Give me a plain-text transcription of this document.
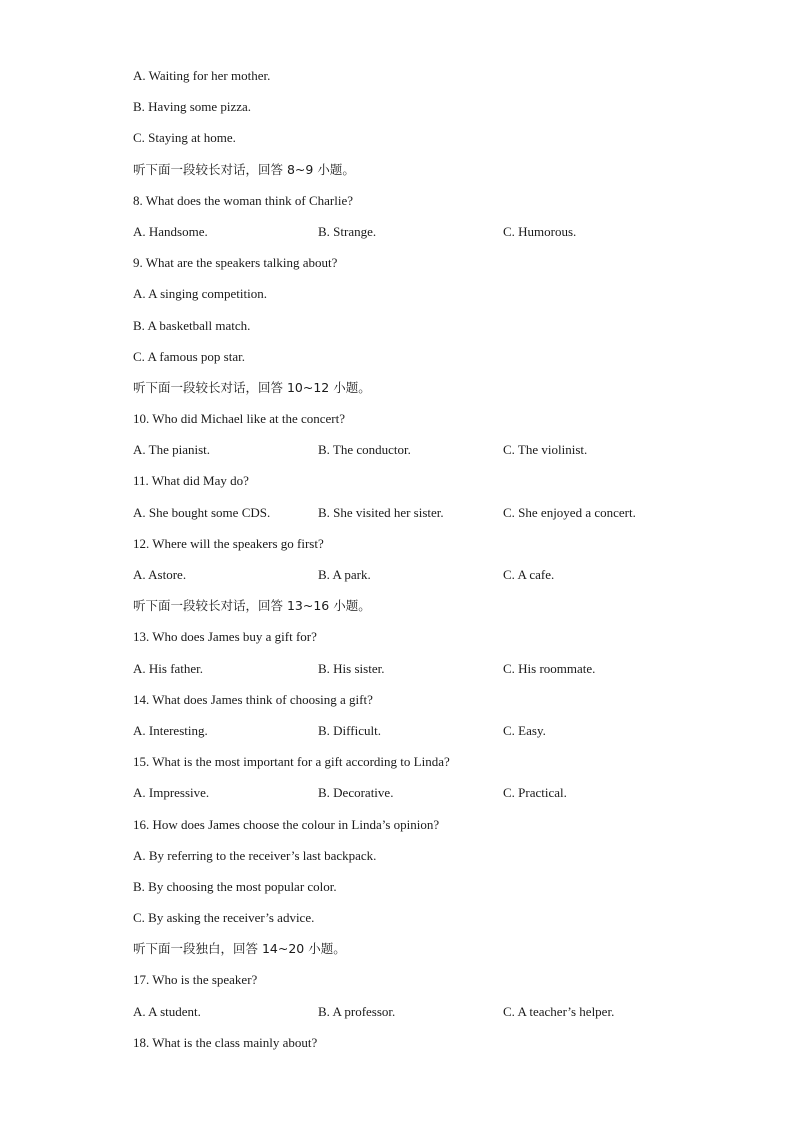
A. Waiting for her mother.
B. Having some pizza.
C. Staying at home.
听下面一段较长对话，回答 8~9 小题。
8. What does the woman think of Charlie?
A. Handsome.	B. Strange.	C. Humorous.
9. What are the speakers talking about?
A. A singing competition.
B. A basketball match.
C. A famous pop star.
听下面一段较长对话，回答 10~12 小题。
10. Who did Michael like at the concert?
A. The pianist.	B. The conductor.	C. The violinist.
11. What did May do?
A. She bought some CDS.	B. She visited her sister.	C. She enjoyed a concert.
12. Where will the speakers go first?
A. Astore.	B. A park.	C. A cafe.
听下面一段较长对话，回答 13~16 小题。
13. Who does James buy a gift for?
A. His father.	B. His sister.	C. His roommate.
14. What does James think of choosing a gift?
A. Interesting.	B. Difficult.	C. Easy.
15. What is the most important for a gift according to Linda?
A. Impressive.	B. Decorative.	C. Practical.
16. How does James choose the colour in Linda’s opinion?
A. By referring to the receiver’s last backpack.
B. By choosing the most popular color.
C. By asking the receiver’s advice.
听下面一段独白，回答 14~20 小题。
17. Who is the speaker?
A. A student.	B. A professor.	C. A teacher’s helper.
18. What is the class mainly about?
